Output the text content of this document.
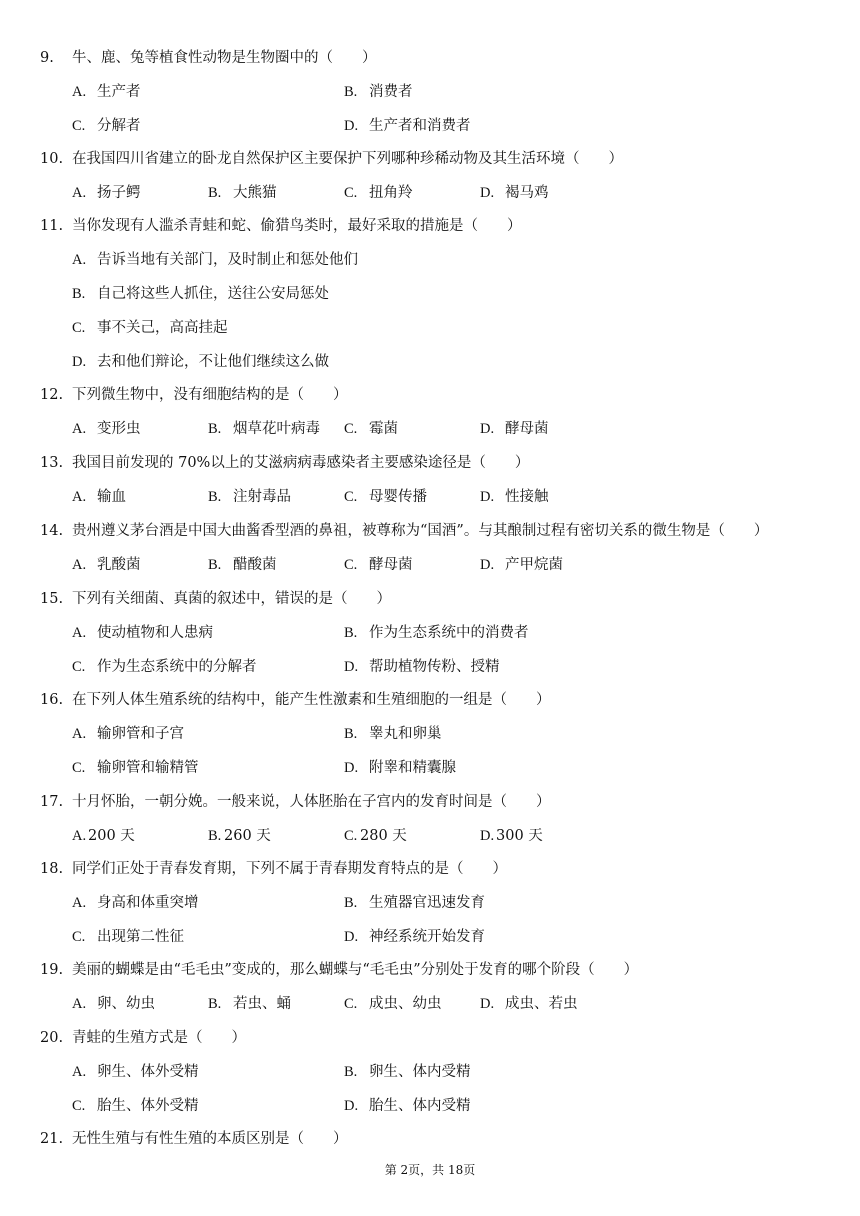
9.	牛、鹿、兔等植食性动物是生物圈中的（　　）
A. 生产者	B. 消费者
C. 分解者	D. 生产者和消费者
10. 在我国四川省建立的卧龙自然保护区主要保护下列哪种珍稀动物及其生活环境（　　）
A. 扬子鳄	B. 大熊猫	C. 扭角羚	D. 褐马鸡
11. 当你发现有人滥杀青蛙和蛇、偷猎鸟类时，最好采取的措施是（　　）
A. 告诉当地有关部门，及时制止和惩处他们
B. 自己将这些人抓住，送往公安局惩处
C. 事不关己，高高挂起
D. 去和他们辩论，不让他们继续这么做
12. 下列微生物中，没有细胞结构的是（　　）
A. 变形虫	B. 烟草花叶病毒 C. 霉菌	D. 酵母菌
13. 我国目前发现的 70%以上的艾滋病病毒感染者主要感染途径是（　　）
A. 输血	B. 注射毒品	C. 母婴传播	D. 性接触
14. 贵州遵义茅台酒是中国大曲酱香型酒的鼻祖，被尊称为“国酒”。与其酿制过程有密切关系的微生物是（　　）
A. 乳酸菌	B. 醋酸菌	C. 酵母菌	D. 产甲烷菌
15. 下列有关细菌、真菌的叙述中，错误的是（　　）
A. 使动植物和人患病	B. 作为生态系统中的消费者
C. 作为生态系统中的分解者	D. 帮助植物传粉、授精
16. 在下列人体生殖系统的结构中，能产生性激素和生殖细胞的一组是（　　）
A. 输卵管和子宫	B. 睾丸和卵巢
C. 输卵管和输精管	D. 附睾和精囊腺
17. 十月怀胎，一朝分娩。一般来说，人体胚胎在子宫内的发育时间是（　　）
A. 200 天	B. 260 天	C. 280 天	D. 300 天
18. 同学们正处于青春发育期，下列不属于青春期发育特点的是（　　）
A. 身高和体重突增	B. 生殖器官迅速发育
C. 出现第二性征	D. 神经系统开始发育
19. 美丽的蝴蝶是由“毛毛虫”变成的，那么蝴蝶与“毛毛虫”分别处于发育的哪个阶段（　　）
A. 卵、幼虫	B. 若虫、蛹	C. 成虫、幼虫	D. 成虫、若虫
20. 青蛙的生殖方式是（　　）
A. 卵生、体外受精	B. 卵生、体内受精
C. 胎生、体外受精	D. 胎生、体内受精
21. 无性生殖与有性生殖的本质区别是（　　）
第 2页，共 18页
